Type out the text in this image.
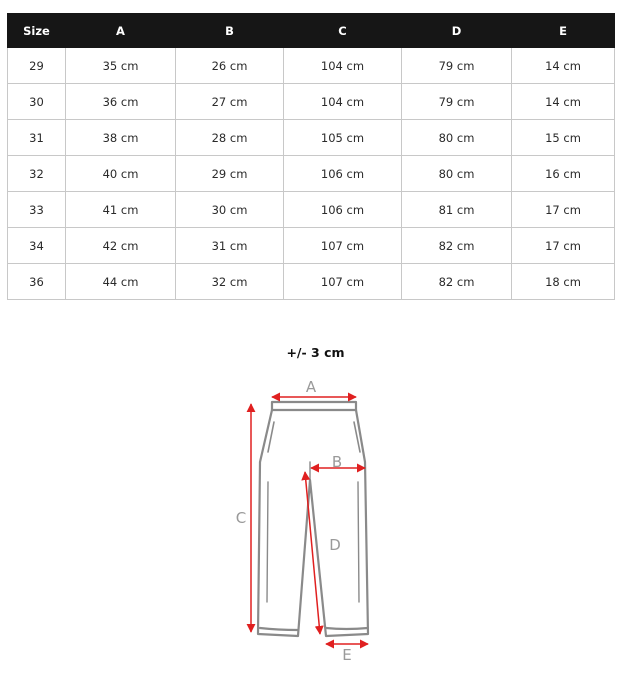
Size	A	B	C	D	E
29	35 cm	26 cm	104 cm	79 cm	14 cm
30	36 cm	27 cm	104 cm	79 cm	14 cm
31	38 cm	28 cm	105 cm	80 cm	15 cm
32	40 cm	29 cm	106 cm	80 cm	16 cm
33	41 cm	30 cm	106 cm	81 cm	17 cm
34	42 cm	31 cm	107 cm	82 cm	17 cm
36	44 cm	32 cm	107 cm	82 cm	18 cm
+/- 3 cm
A
B
C
D
E
